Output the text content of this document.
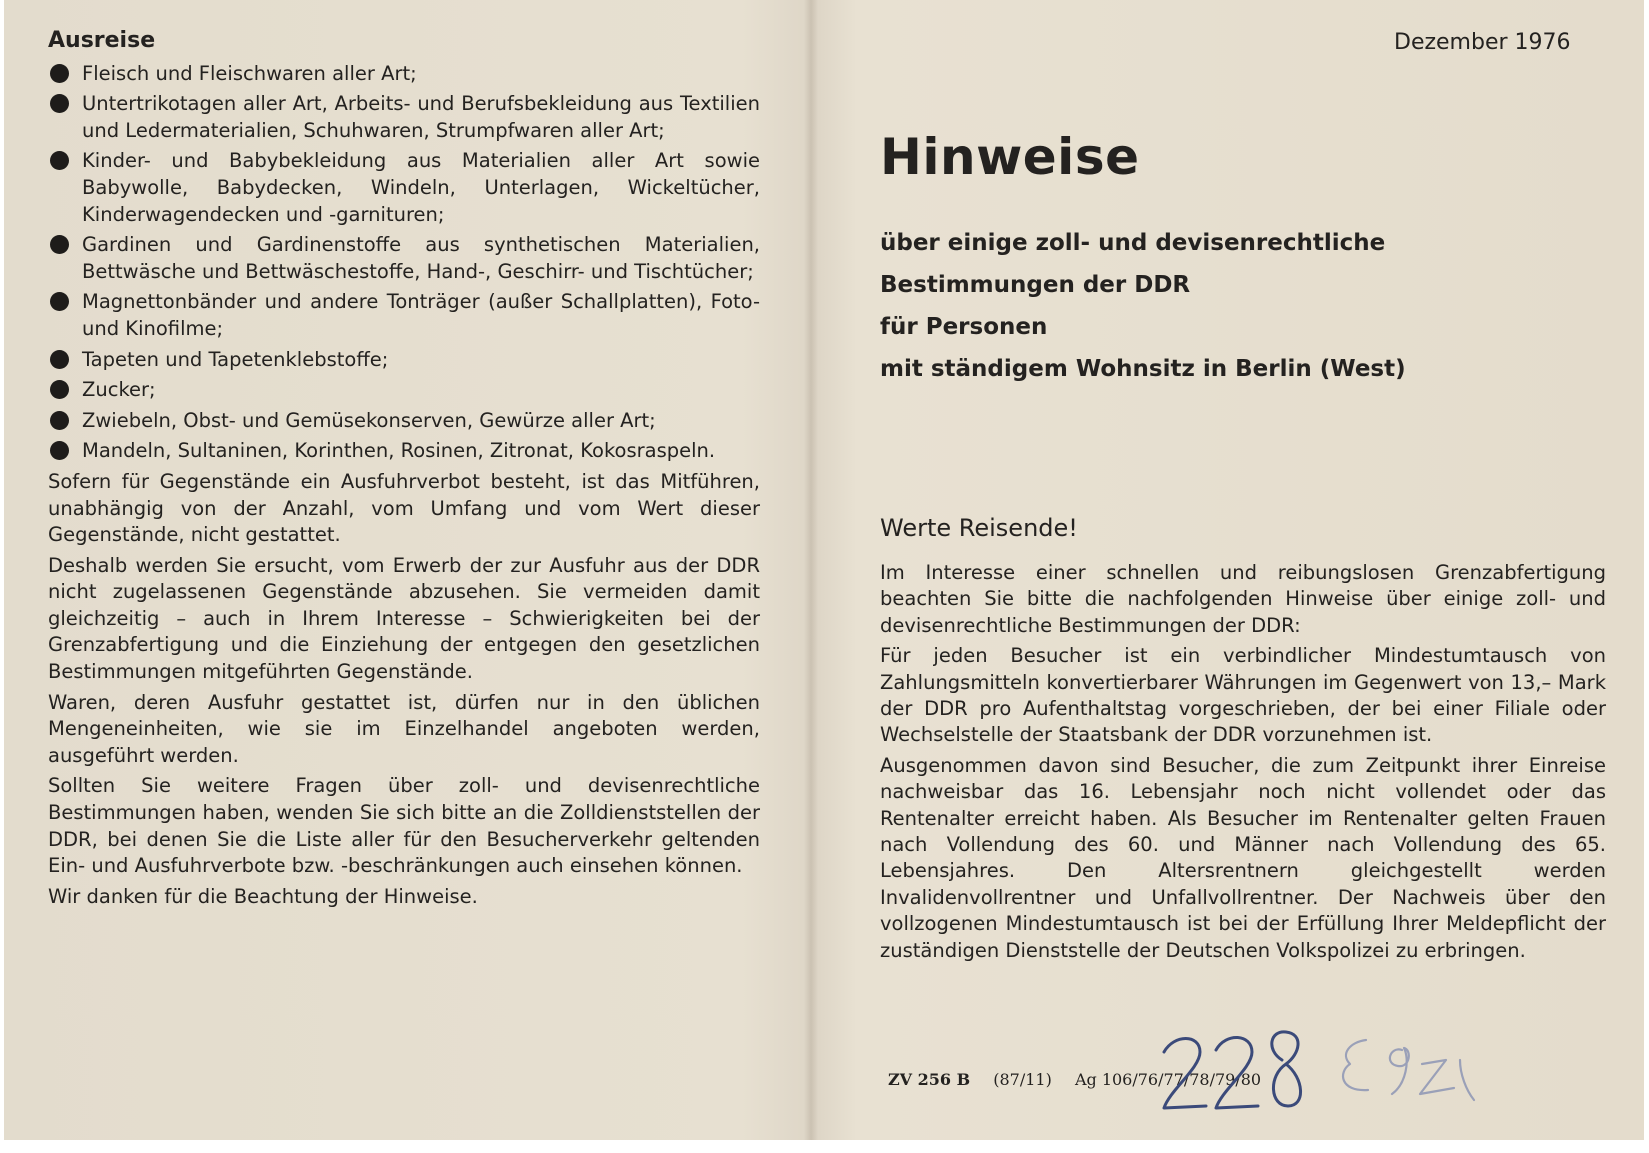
Ausreise
Fleisch und Fleischwaren aller Art;
Untertrikotagen aller Art, Arbeits- und Berufsbekleidung aus Textilien und Ledermaterialien, Schuhwaren, Strumpfwaren aller Art;
Kinder- und Babybekleidung aus Materialien aller Art sowie Babywolle, Babydecken, Windeln, Unterlagen, Wickeltücher, Kinderwagendecken und -garnituren;
Gardinen und Gardinenstoffe aus synthetischen Materialien, Bettwäsche und Bettwäschestoffe, Hand-, Geschirr- und Tischtücher;
Magnettonbänder und andere Tonträger (außer Schallplatten), Foto- und Kinofilme;
Tapeten und Tapetenklebstoffe;
Zucker;
Zwiebeln, Obst- und Gemüsekonserven, Gewürze aller Art;
Mandeln, Sultaninen, Korinthen, Rosinen, Zitronat, Kokosraspeln.

Sofern für Gegenstände ein Ausfuhrverbot besteht, ist das Mitführen, unabhängig von der Anzahl, vom Umfang und vom Wert dieser Gegenstände, nicht gestattet.

Deshalb werden Sie ersucht, vom Erwerb der zur Ausfuhr aus der DDR nicht zugelassenen Gegenstände abzusehen. Sie vermeiden damit gleichzeitig – auch in Ihrem Interesse – Schwierigkeiten bei der Grenzabfertigung und die Einziehung der entgegen den gesetzlichen Bestimmungen mitgeführten Gegenstände.

Waren, deren Ausfuhr gestattet ist, dürfen nur in den üblichen Mengeneinheiten, wie sie im Einzelhandel angeboten werden, ausgeführt werden.

Sollten Sie weitere Fragen über zoll- und devisenrechtliche Bestimmungen haben, wenden Sie sich bitte an die Zolldienststellen der DDR, bei denen Sie die Liste aller für den Besucherverkehr geltenden Ein- und Ausfuhrverbote bzw. -beschränkungen auch einsehen können.

Wir danken für die Beachtung der Hinweise.

Dezember 1976
Hinweise
über einige zoll- und devisenrechtliche
Bestimmungen der DDR
für Personen
mit ständigem Wohnsitz in Berlin (West)
Werte Reisende!

Im Interesse einer schnellen und reibungslosen Grenzabfertigung beachten Sie bitte die nachfolgenden Hinweise über einige zoll- und devisenrechtliche Bestimmungen der DDR:

Für jeden Besucher ist ein verbindlicher Mindestumtausch von Zahlungsmitteln konvertierbarer Währungen im Gegenwert von 13,– Mark der DDR pro Aufenthaltstag vorgeschrieben, der bei einer Filiale oder Wechselstelle der Staatsbank der DDR vorzunehmen ist.

Ausgenommen davon sind Besucher, die zum Zeitpunkt ihrer Einreise nachweisbar das 16. Lebensjahr noch nicht vollendet oder das Rentenalter erreicht haben. Als Besucher im Rentenalter gelten Frauen nach Vollendung des 60. und Männer nach Vollendung des 65. Lebensjahres. Den Altersrentnern gleichgestellt werden Invalidenvollrentner und Unfallvollrentner. Der Nachweis über den vollzogenen Mindestumtausch ist bei der Erfüllung Ihrer Meldepflicht der zuständigen Dienststelle der Deutschen Volkspolizei zu erbringen.

ZV 256 B (87/11) Ag 106/76/77/78/79/80
